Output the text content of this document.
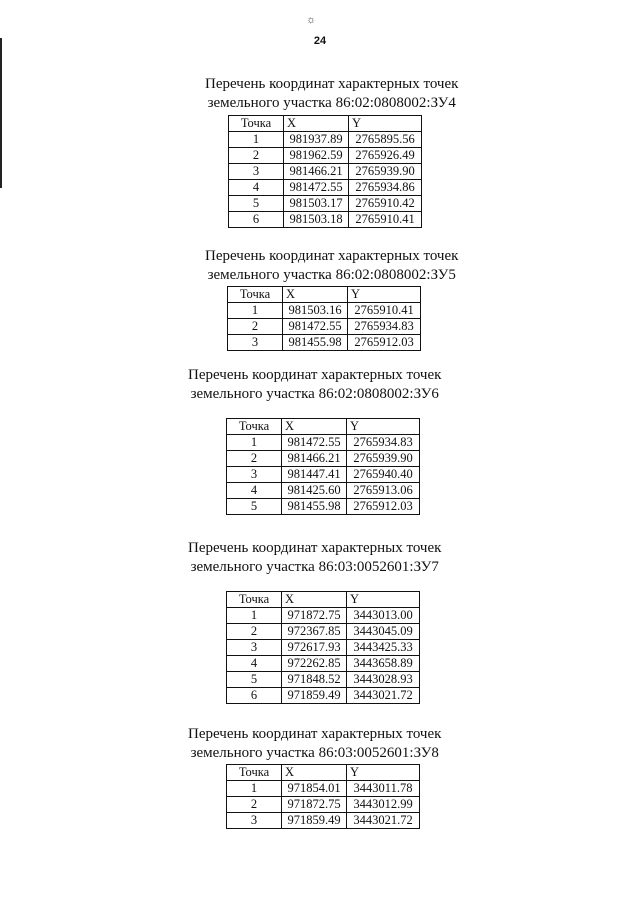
☼
24
Перечень координат характерных точек
земельного участка 86:02:0808002:ЗУ4
Точка	X	Y
1	981937.89	2765895.56
2	981962.59	2765926.49
3	981466.21	2765939.90
4	981472.55	2765934.86
5	981503.17	2765910.42
6	981503.18	2765910.41
Перечень координат характерных точек
земельного участка 86:02:0808002:ЗУ5
Точка	X	Y
1	981503.16	2765910.41
2	981472.55	2765934.83
3	981455.98	2765912.03
Перечень координат характерных точек
земельного участка 86:02:0808002:ЗУ6
Точка	X	Y
1	981472.55	2765934.83
2	981466.21	2765939.90
3	981447.41	2765940.40
4	981425.60	2765913.06
5	981455.98	2765912.03
Перечень координат характерных точек
земельного участка 86:03:0052601:ЗУ7
Точка	X	Y
1	971872.75	3443013.00
2	972367.85	3443045.09
3	972617.93	3443425.33
4	972262.85	3443658.89
5	971848.52	3443028.93
6	971859.49	3443021.72
Перечень координат характерных точек
земельного участка 86:03:0052601:ЗУ8
Точка	X	Y
1	971854.01	3443011.78
2	971872.75	3443012.99
3	971859.49	3443021.72
